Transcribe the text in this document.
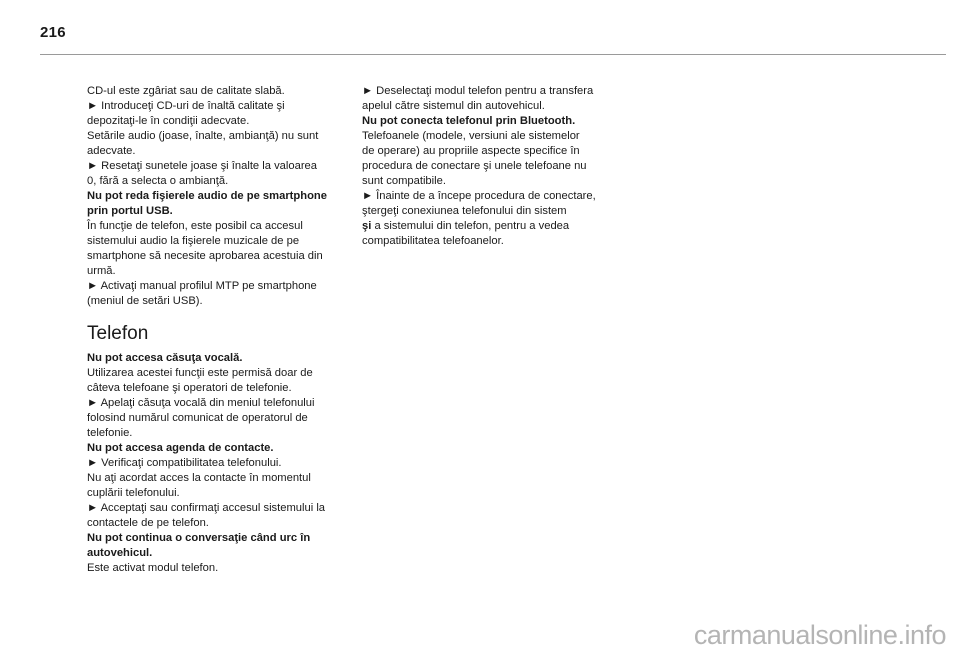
216
CD-ul este zgâriat sau de calitate slabă.
► Introduceţi CD-uri de înaltă calitate şi
depozitaţi-le în condiţii adecvate.
Setările audio (joase, înalte, ambianţă) nu sunt
adecvate.
► Resetaţi sunetele joase şi înalte la valoarea
0, fără a selecta o ambianţă.
Nu pot reda fişierele audio de pe smartphone
prin portul USB.
În funcţie de telefon, este posibil ca accesul
sistemului audio la fişierele muzicale de pe
smartphone să necesite aprobarea acestuia din
urmă.
► Activaţi manual profilul MTP pe smartphone
(meniul de setări USB).
Telefon
Nu pot accesa căsuţa vocală.
Utilizarea acestei funcţii este permisă doar de
câteva telefoane şi operatori de telefonie.
► Apelaţi căsuţa vocală din meniul telefonului
folosind numărul comunicat de operatorul de
telefonie.
Nu pot accesa agenda de contacte.
► Verificaţi compatibilitatea telefonului.
Nu aţi acordat acces la contacte în momentul
cuplării telefonului.
► Acceptaţi sau confirmaţi accesul sistemului la
contactele de pe telefon.
Nu pot continua o conversaţie când urc în
autovehicul.
Este activat modul telefon.
► Deselectaţi modul telefon pentru a transfera
apelul către sistemul din autovehicul.
Nu pot conecta telefonul prin Bluetooth.
Telefoanele (modele, versiuni ale sistemelor
de operare) au propriile aspecte specifice în
procedura de conectare şi unele telefoane nu
sunt compatibile.
► Înainte de a începe procedura de conectare,
ştergeţi conexiunea telefonului din sistem
şi a sistemului din telefon, pentru a vedea
compatibilitatea telefoanelor.
carmanualsonline.info
